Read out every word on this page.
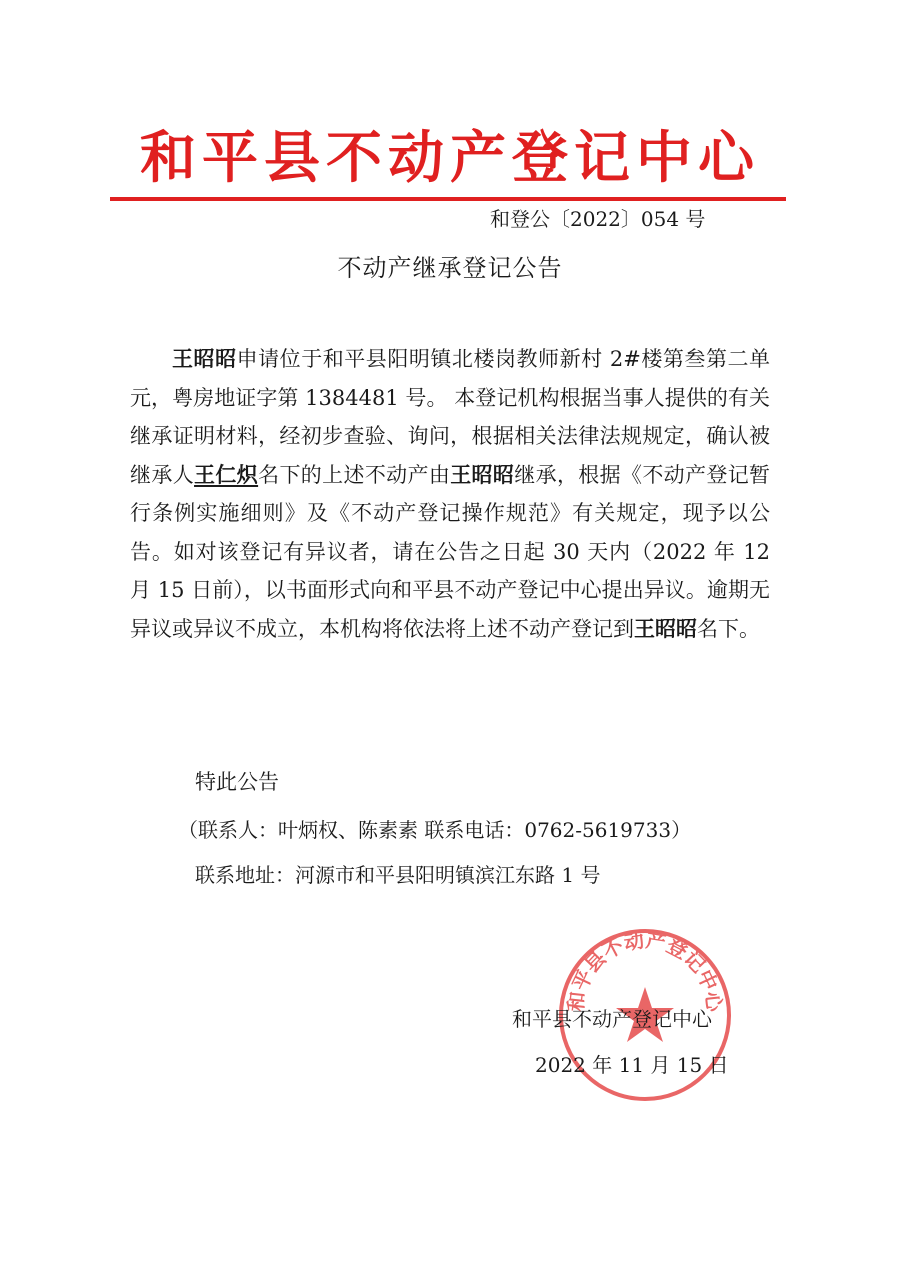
和平县不动产登记中心
和登公〔2022〕054 号
不动产继承登记公告

王昭昭申请位于和平县阳明镇北楼岗教师新村 2#楼第叁第二单元，粤房地证字第 1384481 号。 本登记机构根据当事人提供的有关继承证明材料，经初步查验、询问，根据相关法律法规规定，确认被继承人王仁炽名下的上述不动产由王昭昭继承，根据《不动产登记暂行条例实施细则》及《不动产登记操作规范》有关规定，现予以公告。如对该登记有异议者，请在公告之日起 30 天内（2022 年 12 月 15 日前），以书面形式向和平县不动产登记中心提出异议。逾期无异议或异议不成立，本机构将依法将上述不动产登记到王昭昭名下。

特此公告
（联系人：叶炳权、陈素素 联系电话：0762-5619733）
联系地址：河源市和平县阳明镇滨江东路 1 号
和平县不动产登记中心
和平县不动产登记中心
2022 年 11 月 15 日
